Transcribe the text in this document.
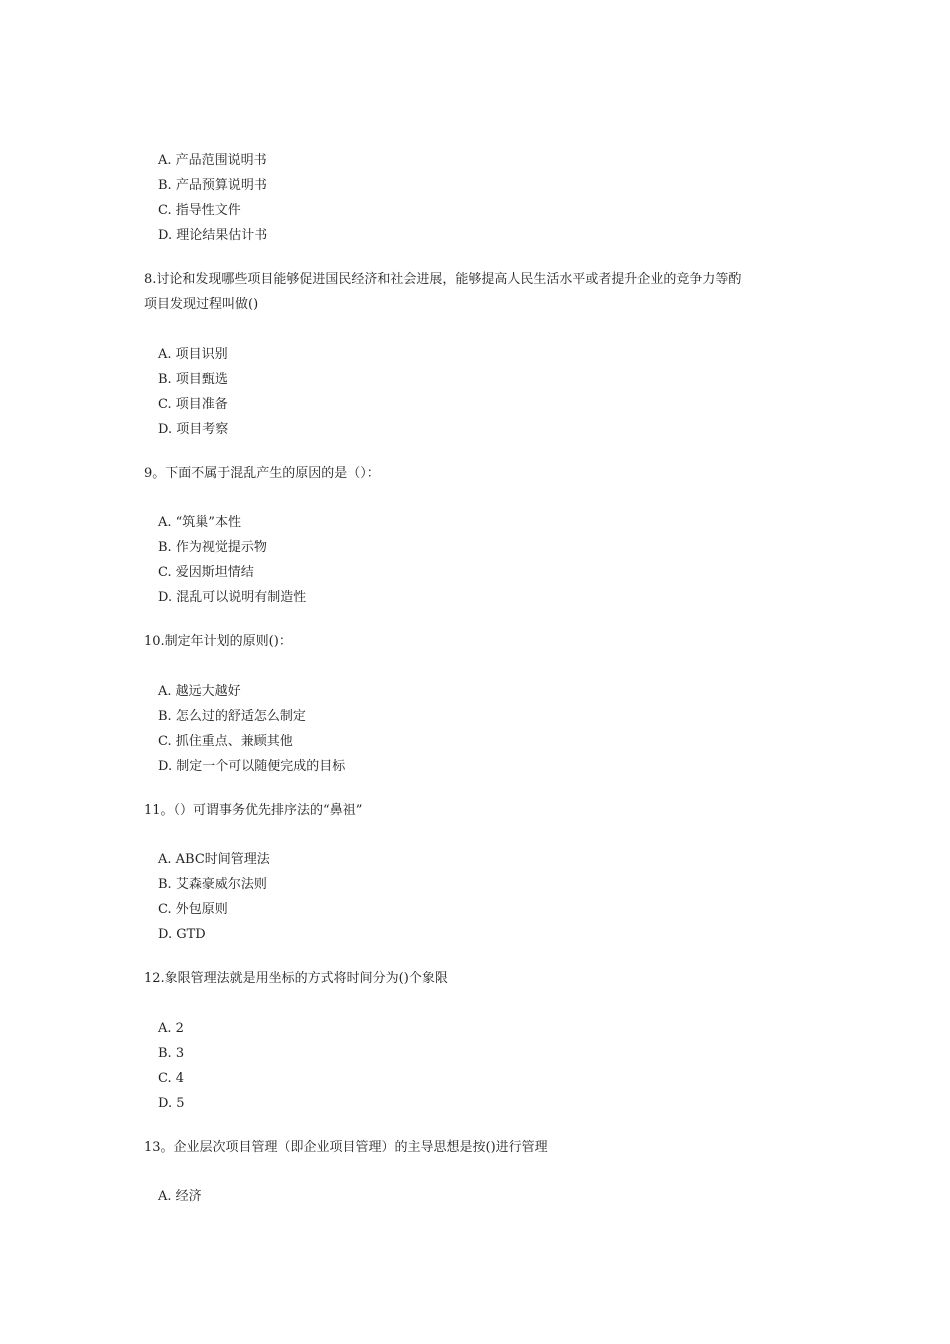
A. 产品范围说明书
B. 产品预算说明书
C. 指导性文件
D. 理论结果估计书
8.讨论和发现哪些项目能够促进国民经济和社会进展，能够提高人民生活水平或者提升企业的竞争力等酌
项目发现过程叫做()
A. 项目识别
B. 项目甄选
C. 项目准备
D. 项目考察
9。下面不属于混乱产生的原因的是（）：
A. “筑巢”本性
B. 作为视觉提示物
C. 爱因斯坦情结
D. 混乱可以说明有制造性
10.制定年计划的原则()：
A. 越远大越好
B. 怎么过的舒适怎么制定
C. 抓住重点、兼顾其他
D. 制定一个可以随便完成的目标
11。（）可谓事务优先排序法的“鼻祖”
A. ABC时间管理法
B. 艾森豪威尔法则
C. 外包原则
D. GTD
12.象限管理法就是用坐标的方式将时间分为()个象限
A. 2
B. 3
C. 4
D. 5
13。企业层次项目管理（即企业项目管理）的主导思想是按()进行管理
A. 经济
